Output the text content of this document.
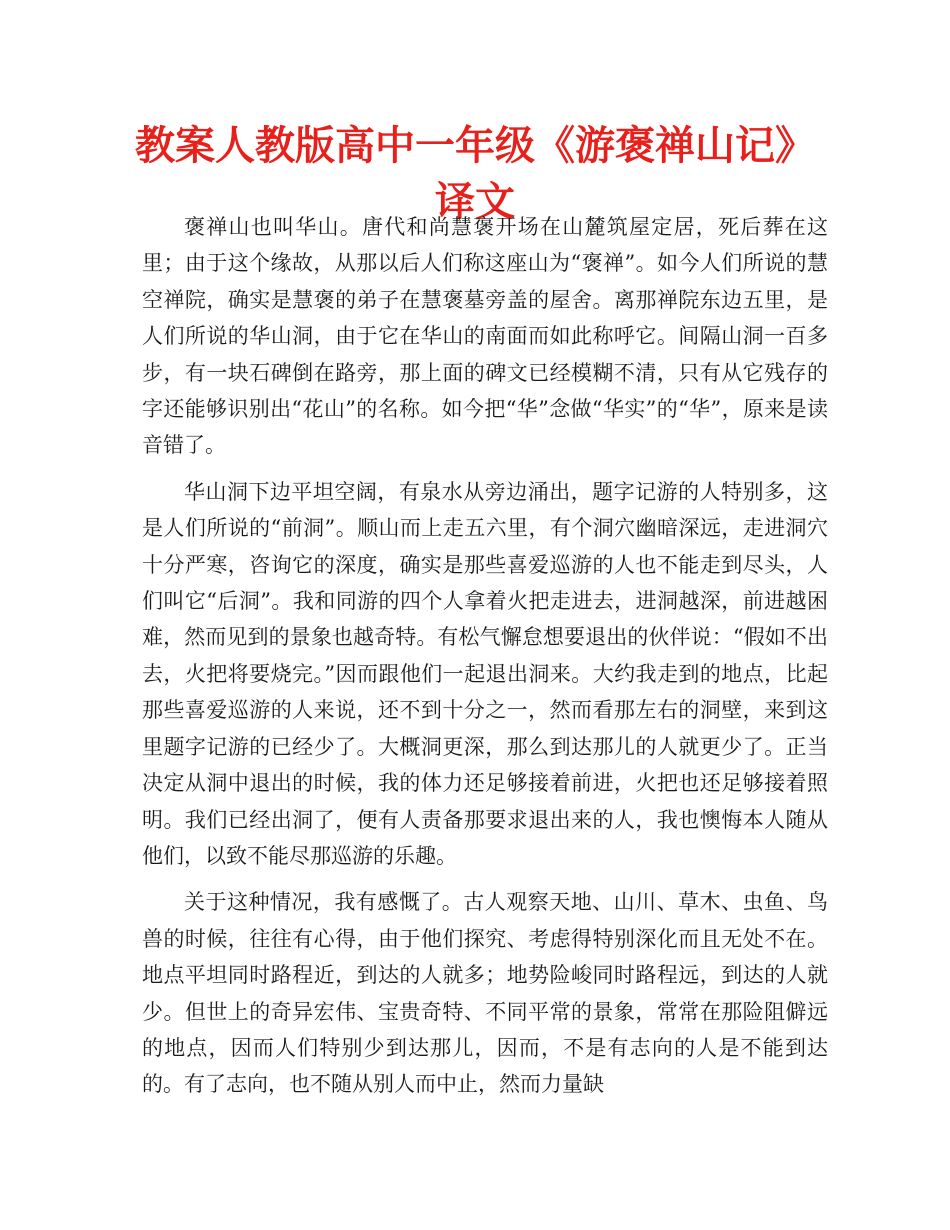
教案人教版高中一年级《游褒禅山记》译文

褒禅山也叫华山。唐代和尚慧褒开场在山麓筑屋定居，死后葬在这里；由于这个缘故，从那以后人们称这座山为“褒禅”。如今人们所说的慧空禅院，确实是慧褒的弟子在慧褒墓旁盖的屋舍。离那禅院东边五里，是人们所说的华山洞，由于它在华山的南面而如此称呼它。间隔山洞一百多步，有一块石碑倒在路旁，那上面的碑文已经模糊不清，只有从它残存的字还能够识别出“花山”的名称。如今把“华”念做“华实”的“华”，原来是读音错了。

华山洞下边平坦空阔，有泉水从旁边涌出，题字记游的人特别多，这是人们所说的“前洞”。顺山而上走五六里，有个洞穴幽暗深远，走进洞穴十分严寒，咨询它的深度，确实是那些喜爱巡游的人也不能走到尽头，人们叫它“后洞”。我和同游的四个人拿着火把走进去，进洞越深，前进越困难，然而见到的景象也越奇特。有松气懈怠想要退出的伙伴说：“假如不出去，火把将要烧完。”因而跟他们一起退出洞来。大约我走到的地点，比起那些喜爱巡游的人来说，还不到十分之一，然而看那左右的洞壁，来到这里题字记游的已经少了。大概洞更深，那么到达那儿的人就更少了。正当决定从洞中退出的时候，我的体力还足够接着前进，火把也还足够接着照明。我们已经出洞了，便有人责备那要求退出来的人，我也懊悔本人随从他们，以致不能尽那巡游的乐趣。

关于这种情况，我有感慨了。古人观察天地、山川、草木、虫鱼、鸟兽的时候，往往有心得，由于他们探究、考虑得特别深化而且无处不在。地点平坦同时路程近，到达的人就多；地势险峻同时路程远，到达的人就少。但世上的奇异宏伟、宝贵奇特、不同平常的景象，常常在那险阻僻远的地点，因而人们特别少到达那儿，因而，不是有志向的人是不能到达的。有了志向，也不随从别人而中止，然而力量缺
